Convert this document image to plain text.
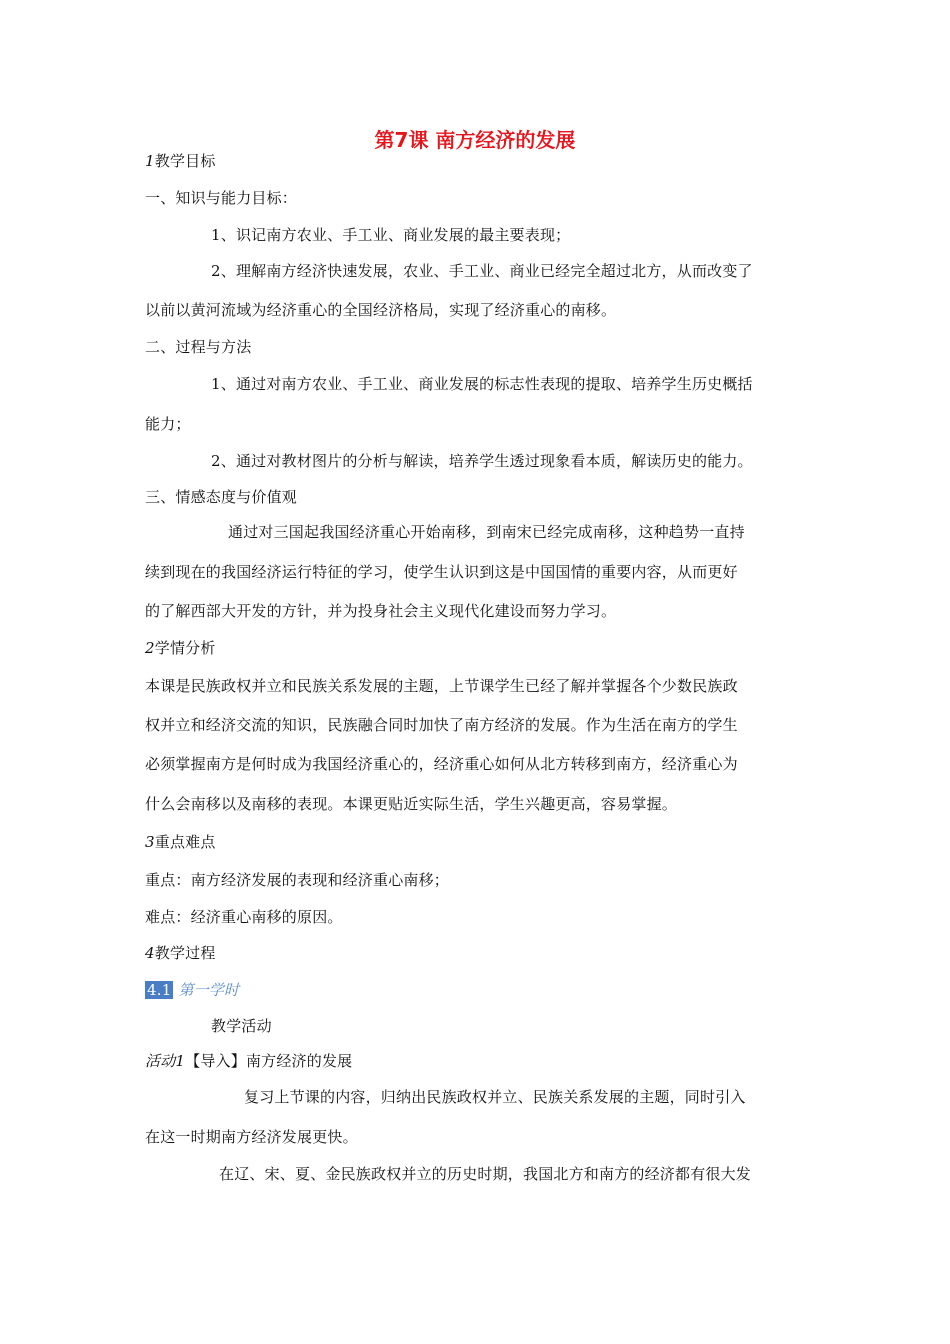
第7课 南方经济的发展
1教学目标
一、知识与能力目标：
1、识记南方农业、手工业、商业发展的最主要表现；
2、理解南方经济快速发展，农业、手工业、商业已经完全超过北方，从而改变了
以前以黄河流域为经济重心的全国经济格局，实现了经济重心的南移。
二、过程与方法
1、通过对南方农业、手工业、商业发展的标志性表现的提取、培养学生历史概括
能力；
2、通过对教材图片的分析与解读，培养学生透过现象看本质，解读历史的能力。
三、情感态度与价值观
通过对三国起我国经济重心开始南移，到南宋已经完成南移，这种趋势一直持
续到现在的我国经济运行特征的学习，使学生认识到这是中国国情的重要内容，从而更好
的了解西部大开发的方针，并为投身社会主义现代化建设而努力学习。
2学情分析
本课是民族政权并立和民族关系发展的主题，上节课学生已经了解并掌握各个少数民族政
权并立和经济交流的知识，民族融合同时加快了南方经济的发展。作为生活在南方的学生
必须掌握南方是何时成为我国经济重心的，经济重心如何从北方转移到南方，经济重心为
什么会南移以及南移的表现。本课更贴近实际生活，学生兴趣更高，容易掌握。
3重点难点
重点：南方经济发展的表现和经济重心南移；
难点：经济重心南移的原因。
4教学过程
4.1 第一学时
教学活动
活动1【导入】南方经济的发展
复习上节课的内容，归纳出民族政权并立、民族关系发展的主题，同时引入
在这一时期南方经济发展更快。
在辽、宋、夏、金民族政权并立的历史时期，我国北方和南方的经济都有很大发
